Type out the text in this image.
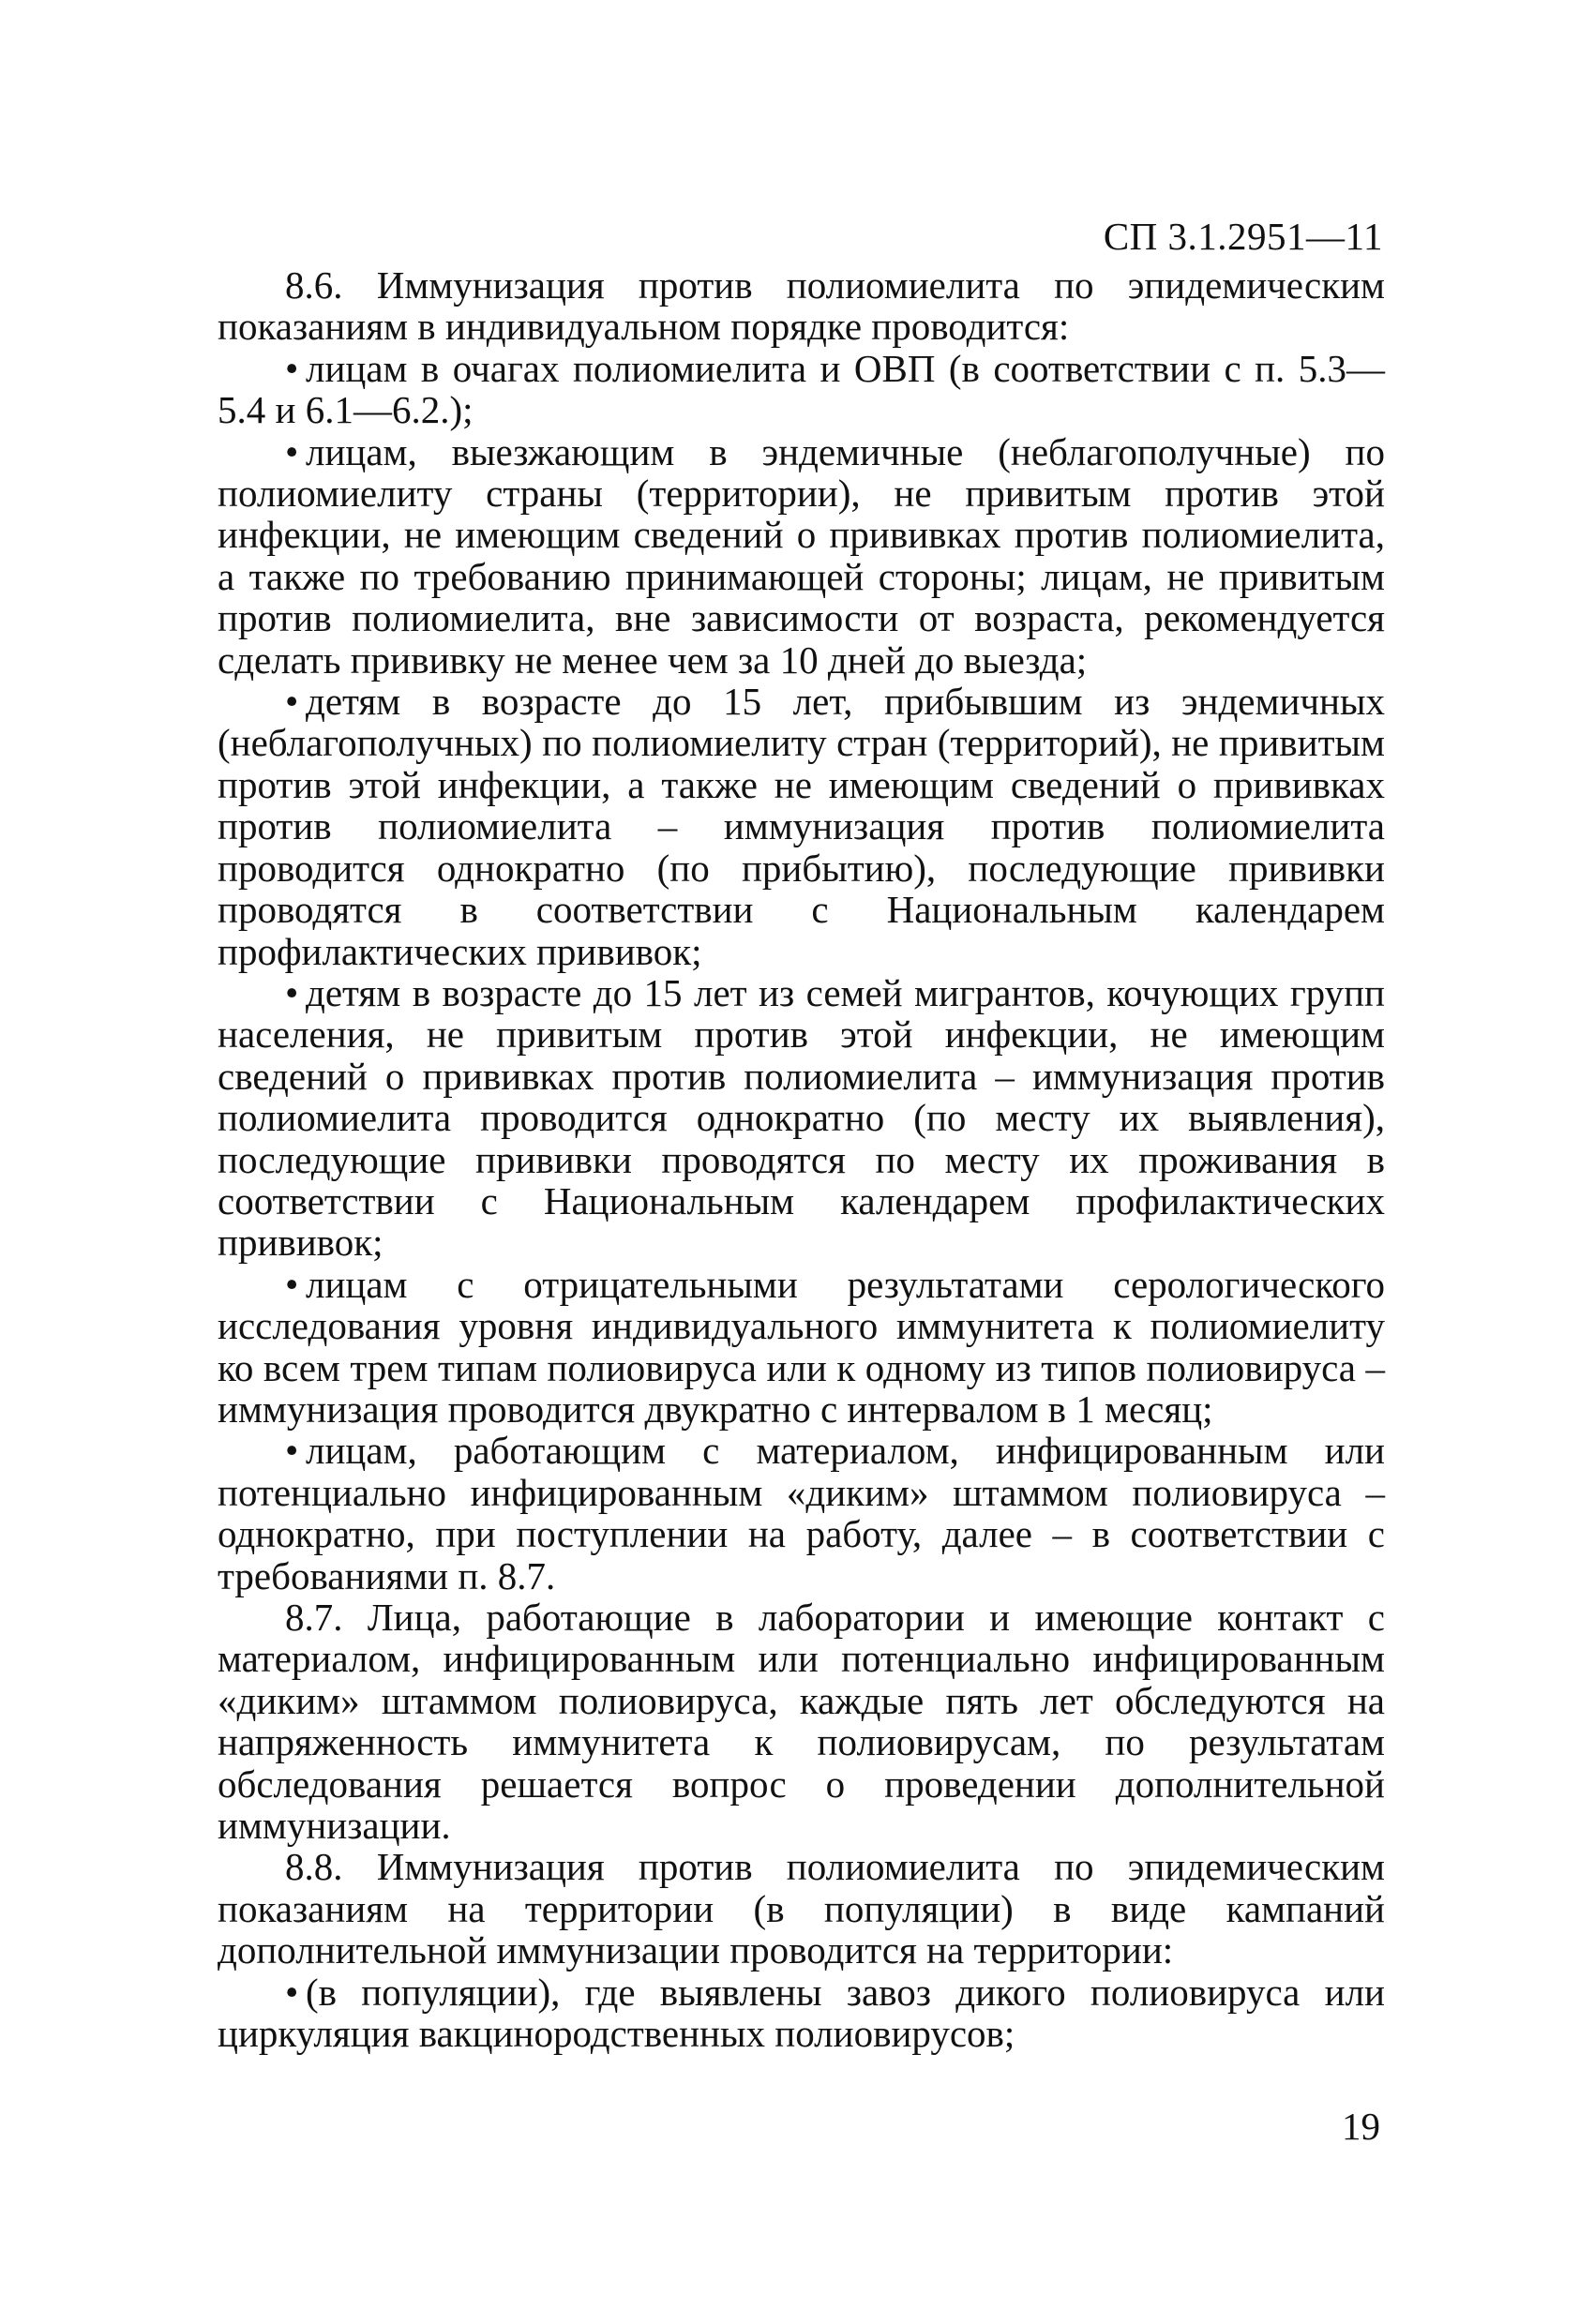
СП 3.1.2951—11

8.6. Иммунизация против полиомиелита по эпидемическим показаниям в индивидуальном порядке проводится:

• лицам в очагах полиомиелита и ОВП (в соответствии с п. 5.3—5.4 и 6.1—6.2.);

• лицам, выезжающим в эндемичные (неблагополучные) по полиомиелиту страны (территории), не привитым против этой инфекции, не имеющим сведений о прививках против полиомиелита, а также по требованию принимающей стороны; лицам, не привитым против полиомиелита, вне зависимости от возраста, рекомендуется сделать прививку не менее чем за 10 дней до выезда;

• детям в возрасте до 15 лет, прибывшим из эндемичных (неблагополучных) по полиомиелиту стран (территорий), не привитым против этой инфекции, а также не имеющим сведений о прививках против полиомиелита – иммунизация против полиомиелита проводится однократно (по прибытию), последующие прививки проводятся в соответствии с Национальным календарем профилактических прививок;

• детям в возрасте до 15 лет из семей мигрантов, кочующих групп населения, не привитым против этой инфекции, не имеющим сведений о прививках против полиомиелита – иммунизация против полиомиелита проводится однократно (по месту их выявления), последующие прививки проводятся по месту их проживания в соответствии с Национальным календарем профилактических прививок;

• лицам с отрицательными результатами серологического исследования уровня индивидуального иммунитета к полиомиелиту ко всем трем типам полиовируса или к одному из типов полиовируса – иммунизация проводится двукратно с интервалом в 1 месяц;

• лицам, работающим с материалом, инфицированным или потенциально инфицированным «диким» штаммом полиовируса – однократно, при поступлении на работу, далее – в соответствии с требованиями п. 8.7.

8.7. Лица, работающие в лаборатории и имеющие контакт с материалом, инфицированным или потенциально инфицированным «диким» штаммом полиовируса, каждые пять лет обследуются на напряженность иммунитета к полиовирусам, по результатам обследования решается вопрос о проведении дополнительной иммунизации.

8.8. Иммунизация против полиомиелита по эпидемическим показаниям на территории (в популяции) в виде кампаний дополнительной иммунизации проводится на территории:

• (в популяции), где выявлены завоз дикого полиовируса или циркуляция вакцинородственных полиовирусов;

19
